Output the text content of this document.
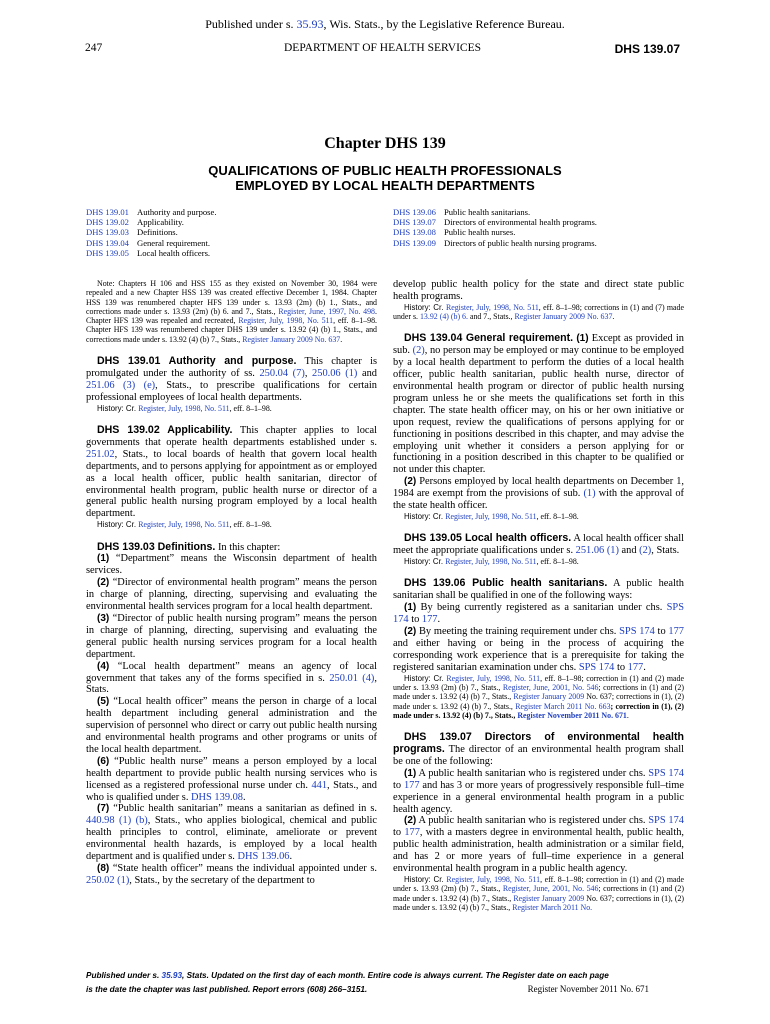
Published under s. 35.93, Wis. Stats., by the Legislative Reference Bureau.
247	DEPARTMENT OF HEALTH SERVICES	DHS 139.07
Chapter DHS 139
QUALIFICATIONS OF PUBLIC HEALTH PROFESSIONALS
EMPLOYED BY LOCAL HEALTH DEPARTMENTS
DHS 139.01	Authority and purpose.
DHS 139.02	Applicability.
DHS 139.03	Definitions.
DHS 139.04	General requirement.
DHS 139.05	Local health officers.
DHS 139.06	Public health sanitarians.
DHS 139.07	Directors of environmental health programs.
DHS 139.08	Public health nurses.
DHS 139.09	Directors of public health nursing programs.

Note: Chapters H 106 and HSS 155 as they existed on November 30, 1984 were repealed and a new Chapter HSS 139 was created effective December 1, 1984. Chapter HSS 139 was renumbered chapter HFS 139 under s. 13.93 (2m) (b) 1., Stats., and corrections made under s. 13.93 (2m) (b) 6. and 7., Stats., Register, June, 1997, No. 498. Chapter HFS 139 was repealed and recreated, Register, July, 1998, No. 511, eff. 8–1–98. Chapter HFS 139 was renumbered chapter DHS 139 under s. 13.92 (4) (b) 1., Stats., and corrections made under s. 13.92 (4) (b) 7., Stats., Register January 2009 No. 637.

DHS 139.01 Authority and purpose. This chapter is promulgated under the authority of ss. 250.04 (7), 250.06 (1) and 251.06 (3) (e), Stats., to prescribe qualifications for certain professional employees of local health departments.

History: Cr. Register, July, 1998, No. 511, eff. 8–1–98.

DHS 139.02 Applicability. This chapter applies to local governments that operate health departments established under s. 251.02, Stats., to local boards of health that govern local health departments, and to persons applying for appointment as or employed as a local health officer, public health sanitarian, director of environmental health program, public health nurse or director of a general public health nursing program employed by a local health department.

History: Cr. Register, July, 1998, No. 511, eff. 8–1–98.

DHS 139.03 Definitions. In this chapter:

(1) “Department” means the Wisconsin department of health services.

(2) “Director of environmental health program” means the person in charge of planning, directing, supervising and evaluating the environmental health services program for a local health department.

(3) “Director of public health nursing program” means the person in charge of planning, directing, supervising and evaluating the general public health nursing services program for a local health department.

(4) “Local health department” means an agency of local government that takes any of the forms specified in s. 250.01 (4), Stats.

(5) “Local health officer” means the person in charge of a local health department including general administration and the supervision of personnel who direct or carry out public health nursing and environmental health programs and other programs or units of the local health department.

(6) “Public health nurse” means a person employed by a local health department to provide public health nursing services who is licensed as a registered professional nurse under ch. 441, Stats., and who is qualified under s. DHS 139.08.

(7) “Public health sanitarian” means a sanitarian as defined in s. 440.98 (1) (b), Stats., who applies biological, chemical and public health principles to control, eliminate, ameliorate or prevent environmental health hazards, is employed by a local health department and is qualified under s. DHS 139.06.

(8) “State health officer” means the individual appointed under s. 250.02 (1), Stats., by the secretary of the department to

develop public health policy for the state and direct state public health programs.

History: Cr. Register, July, 1998, No. 511, eff. 8–1–98; corrections in (1) and (7) made under s. 13.92 (4) (b) 6. and 7., Stats., Register January 2009 No. 637.

DHS 139.04 General requirement. (1) Except as provided in sub. (2), no person may be employed or may continue to be employed by a local health department to perform the duties of a local health officer, public health sanitarian, public health nurse, director of environmental health program or director of public health nursing program unless he or she meets the qualifications set forth in this chapter. The state health officer may, on his or her own initiative or upon request, review the qualifications of persons applying for or functioning in positions described in this chapter, and may advise the employing unit whether it considers a person applying for or functioning in a position described in this chapter to be qualified or not under this chapter.

(2) Persons employed by local health departments on December 1, 1984 are exempt from the provisions of sub. (1) with the approval of the state health officer.

History: Cr. Register, July, 1998, No. 511, eff. 8–1–98.

DHS 139.05 Local health officers. A local health officer shall meet the appropriate qualifications under s. 251.06 (1) and (2), Stats.

History: Cr. Register, July, 1998, No. 511, eff. 8–1–98.

DHS 139.06 Public health sanitarians. A public health sanitarian shall be qualified in one of the following ways:

(1) By being currently registered as a sanitarian under chs. SPS 174 to 177.

(2) By meeting the training requirement under chs. SPS 174 to 177 and either having or being in the process of acquiring the corresponding work experience that is a prerequisite for taking the registered sanitarian examination under chs. SPS 174 to 177.

History: Cr. Register, July, 1998, No. 511, eff. 8–1–98; correction in (1) and (2) made under s. 13.93 (2m) (b) 7., Stats., Register, June, 2001, No. 546; corrections in (1) and (2) made under s. 13.92 (4) (b) 7., Stats., Register January 2009 No. 637; corrections in (1), (2) made under s. 13.92 (4) (b) 7., Stats., Register March 2011 No. 663; correction in (1), (2) made under s. 13.92 (4) (b) 7., Stats., Register November 2011 No. 671.

DHS 139.07 Directors of environmental health programs. The director of an environmental health program shall be one of the following:

(1) A public health sanitarian who is registered under chs. SPS 174 to 177 and has 3 or more years of progressively responsible full–time experience in a general environmental health program in a public health agency.

(2) A public health sanitarian who is registered under chs. SPS 174 to 177, with a masters degree in environmental health, public health, public health administration, health administration or a similar field, and has 2 or more years of full–time experience in a general environmental health program in a public health agency.

History: Cr. Register, July, 1998, No. 511, eff. 8–1–98; correction in (1) and (2) made under s. 13.93 (2m) (b) 7., Stats., Register, June, 2001, No. 546; corrections in (1) and (2) made under s. 13.92 (4) (b) 7., Stats., Register January 2009 No. 637; corrections in (1), (2) made under s. 13.92 (4) (b) 7., Stats., Register March 2011 No.

Published under s. 35.93, Stats. Updated on the first day of each month. Entire code is always current. The Register date on each page
is the date the chapter was last published. Report errors (608) 266–3151.	Register November 2011 No. 671
